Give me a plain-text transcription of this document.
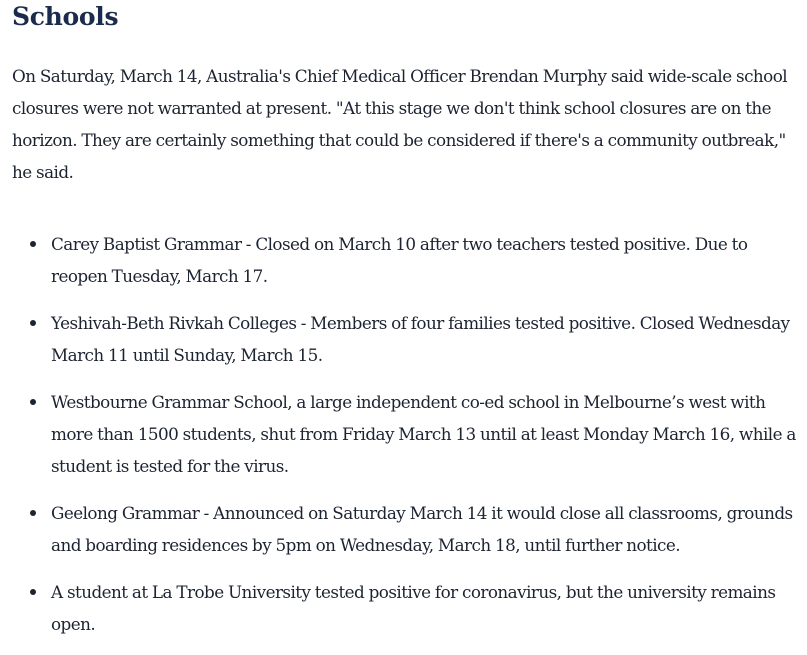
Schools

On Saturday, March 14, Australia's Chief Medical Officer Brendan Murphy said wide-scale school closures were not warranted at present. "At this stage we don't think school closures are on the horizon. They are certainly something that could be considered if there's a community outbreak," he said.

Carey Baptist Grammar - Closed on March 10 after two teachers tested positive. Due to reopen Tuesday, March 17.
Yeshivah-Beth Rivkah Colleges - Members of four families tested positive. Closed Wednesday March 11 until Sunday, March 15.
Westbourne Grammar School, a large independent co-ed school in Melbourne’s west with more than 1500 students, shut from Friday March 13 until at least Monday March 16, while a student is tested for the virus.
Geelong Grammar - Announced on Saturday March 14 it would close all classrooms, grounds and boarding residences by 5pm on Wednesday, March 18, until further notice.
A student at La Trobe University tested positive for coronavirus, but the university remains open.
